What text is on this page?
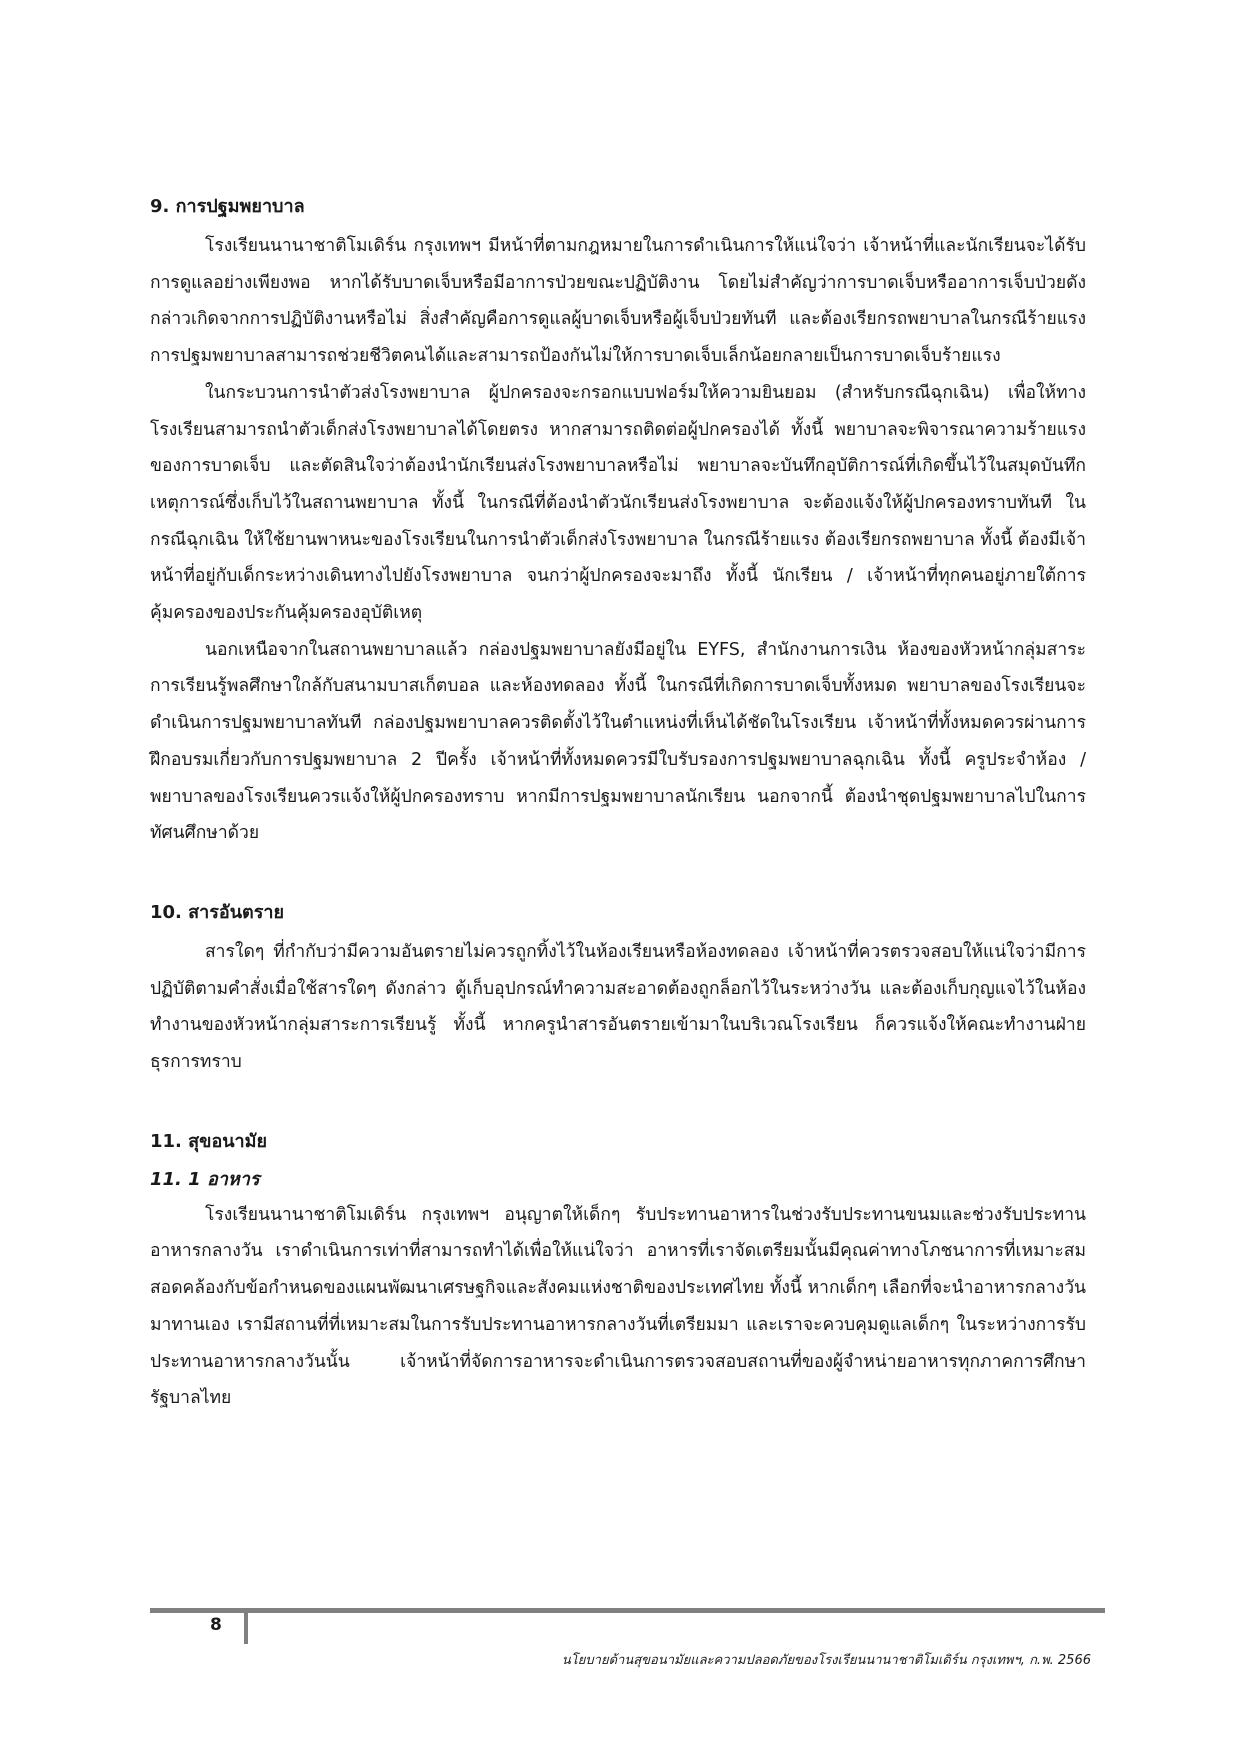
9. การปฐมพยาบาล

โรงเรียนนานาชาติโมเดิร์น กรุงเทพฯ มีหน้าที่ตามกฎหมายในการดำเนินการให้แน่ใจว่า เจ้าหน้าที่และนักเรียนจะได้รับการดูแลอย่างเพียงพอ หากได้รับบาดเจ็บหรือมีอาการป่วยขณะปฏิบัติงาน โดยไม่สำคัญว่าการบาดเจ็บหรืออาการเจ็บป่วยดังกล่าวเกิดจากการปฏิบัติงานหรือไม่ สิ่งสำคัญคือการดูแลผู้บาดเจ็บหรือผู้เจ็บป่วยทันที และต้องเรียกรถพยาบาลในกรณีร้ายแรง การปฐมพยาบาลสามารถช่วยชีวิตคนได้และสามารถป้องกันไม่ให้การบาดเจ็บเล็กน้อยกลายเป็นการบาดเจ็บร้ายแรง

ในกระบวนการนำตัวส่งโรงพยาบาล ผู้ปกครองจะกรอกแบบฟอร์มให้ความยินยอม (สำหรับกรณีฉุกเฉิน) เพื่อให้ทางโรงเรียนสามารถนำตัวเด็กส่งโรงพยาบาลได้โดยตรง หากสามารถติดต่อผู้ปกครองได้ ทั้งนี้ พยาบาลจะพิจารณาความร้ายแรงของการบาดเจ็บ และตัดสินใจว่าต้องนำนักเรียนส่งโรงพยาบาลหรือไม่ พยาบาลจะบันทึกอุบัติการณ์ที่เกิดขึ้นไว้ในสมุดบันทึกเหตุการณ์ซึ่งเก็บไว้ในสถานพยาบาล ทั้งนี้ ในกรณีที่ต้องนำตัวนักเรียนส่งโรงพยาบาล จะต้องแจ้งให้ผู้ปกครองทราบทันที ในกรณีฉุกเฉิน ให้ใช้ยานพาหนะของโรงเรียนในการนำตัวเด็กส่งโรงพยาบาล ในกรณีร้ายแรง ต้องเรียกรถพยาบาล ทั้งนี้ ต้องมีเจ้าหน้าที่อยู่กับเด็กระหว่างเดินทางไปยังโรงพยาบาล จนกว่าผู้ปกครองจะมาถึง ทั้งนี้ นักเรียน / เจ้าหน้าที่ทุกคนอยู่ภายใต้การคุ้มครองของประกันคุ้มครองอุบัติเหตุ

นอกเหนือจากในสถานพยาบาลแล้ว กล่องปฐมพยาบาลยังมีอยู่ใน EYFS, สำนักงานการเงิน ห้องของหัวหน้ากลุ่มสาระการเรียนรู้พลศึกษาใกล้กับสนามบาสเก็ตบอล และห้องทดลอง ทั้งนี้ ในกรณีที่เกิดการบาดเจ็บทั้งหมด พยาบาลของโรงเรียนจะดำเนินการปฐมพยาบาลทันที กล่องปฐมพยาบาลควรติดตั้งไว้ในตำแหน่งที่เห็นได้ชัดในโรงเรียน เจ้าหน้าที่ทั้งหมดควรผ่านการฝึกอบรมเกี่ยวกับการปฐมพยาบาล 2 ปีครั้ง เจ้าหน้าที่ทั้งหมดควรมีใบรับรองการปฐมพยาบาลฉุกเฉิน ทั้งนี้ ครูประจำห้อง / พยาบาลของโรงเรียนควรแจ้งให้ผู้ปกครองทราบ หากมีการปฐมพยาบาลนักเรียน นอกจากนี้ ต้องนำชุดปฐมพยาบาลไปในการทัศนศึกษาด้วย

10. สารอันตราย

สารใดๆ ที่กำกับว่ามีความอันตรายไม่ควรถูกทิ้งไว้ในห้องเรียนหรือห้องทดลอง เจ้าหน้าที่ควรตรวจสอบให้แน่ใจว่ามีการปฏิบัติตามคำสั่งเมื่อใช้สารใดๆ ดังกล่าว ตู้เก็บอุปกรณ์ทำความสะอาดต้องถูกล็อกไว้ในระหว่างวัน และต้องเก็บกุญแจไว้ในห้องทำงานของหัวหน้ากลุ่มสาระการเรียนรู้ ทั้งนี้ หากครูนำสารอันตรายเข้ามาในบริเวณโรงเรียน ก็ควรแจ้งให้คณะทำงานฝ่ายธุรการทราบ

11. สุขอนามัย
11. 1 อาหาร

โรงเรียนนานาชาติโมเดิร์น กรุงเทพฯ อนุญาตให้เด็กๆ รับประทานอาหารในช่วงรับประทานขนมและช่วงรับประทานอาหารกลางวัน เราดำเนินการเท่าที่สามารถทำได้เพื่อให้แน่ใจว่า อาหารที่เราจัดเตรียมนั้นมีคุณค่าทางโภชนาการที่เหมาะสม สอดคล้องกับข้อกำหนดของแผนพัฒนาเศรษฐกิจและสังคมแห่งชาติของประเทศไทย ทั้งนี้ หากเด็กๆ เลือกที่จะนำอาหารกลางวันมาทานเอง เรามีสถานที่ที่เหมาะสมในการรับประทานอาหารกลางวันที่เตรียมมา และเราจะควบคุมดูแลเด็กๆ ในระหว่างการรับประทานอาหารกลางวันนั้น เจ้าหน้าที่จัดการอาหารจะดำเนินการตรวจสอบสถานที่ของผู้จำหน่ายอาหารทุกภาคการศึกษา รัฐบาลไทย

8
นโยบายด้านสุขอนามัยและความปลอดภัยของโรงเรียนนานาชาติโมเดิร์น กรุงเทพฯ, ก.พ. 2566
